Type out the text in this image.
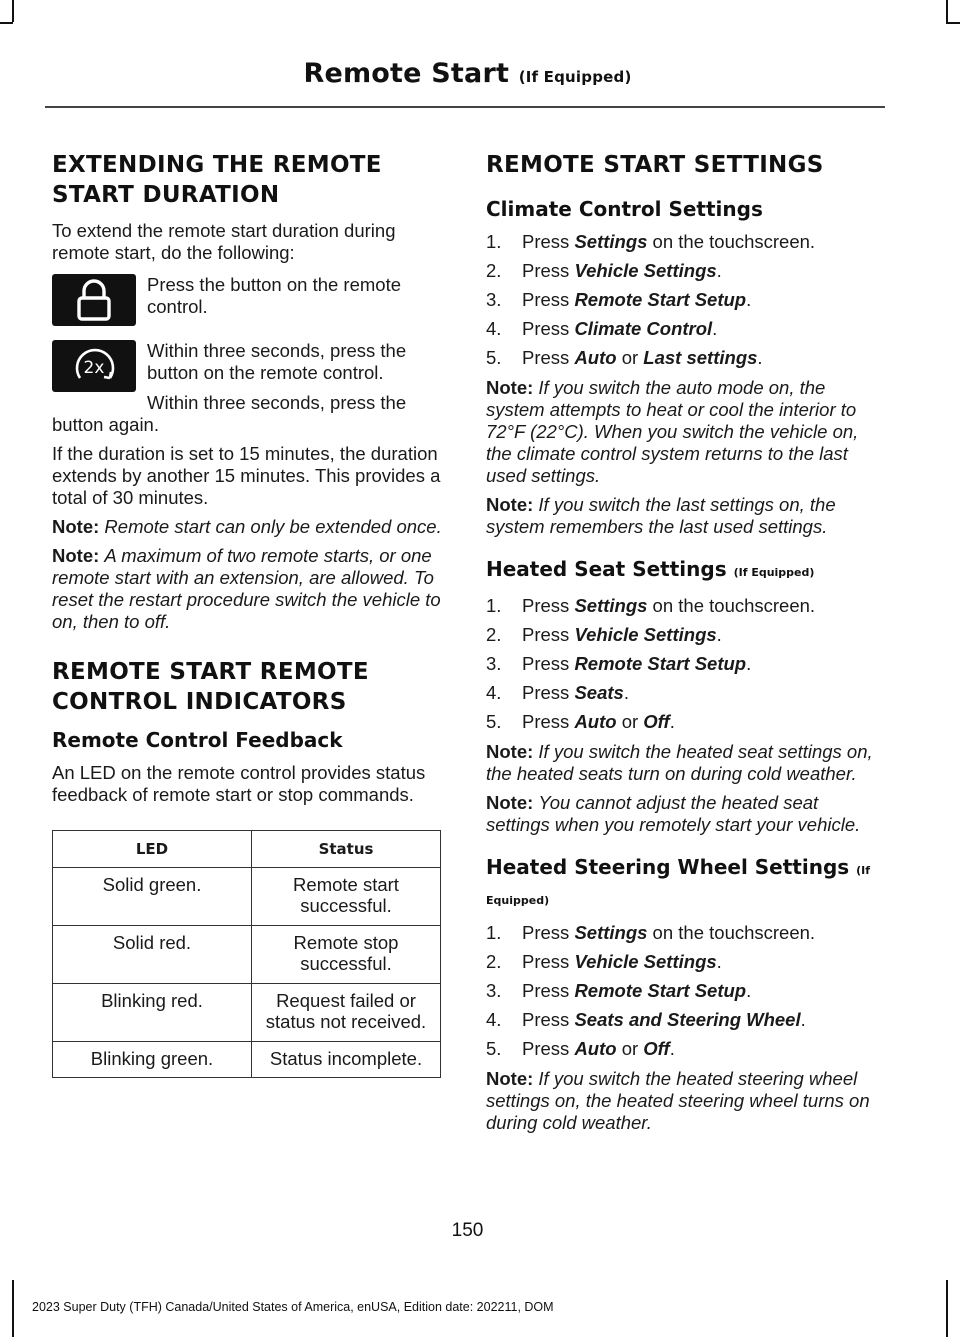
Remote Start (If Equipped)
EXTENDING THE REMOTE
START DURATION

To extend the remote start duration during remote start, do the following:

Press the button on the remote control.

2x

Within three seconds, press the button on the remote control.

Within three seconds, press the button again.

If the duration is set to 15 minutes, the duration extends by another 15 minutes. This provides a total of 30 minutes.

Note: Remote start can only be extended once.

Note: A maximum of two remote starts, or one remote start with an extension, are allowed. To reset the restart procedure switch the vehicle to on, then to off.

REMOTE START REMOTE
CONTROL INDICATORS
Remote Control Feedback

An LED on the remote control provides status feedback of remote start or stop commands.

LED	Status
Solid green.	Remote start successful.
Solid red.	Remote stop successful.
Blinking red.	Request failed or status not received.
Blinking green.	Status incomplete.
REMOTE START SETTINGS
Climate Control Settings
1.	Press Settings on the touchscreen.
2.	Press Vehicle Settings.
3.	Press Remote Start Setup.
4.	Press Climate Control.
5.	Press Auto or Last settings.

Note: If you switch the auto mode on, the system attempts to heat or cool the interior to 72°F (22°C). When you switch the vehicle on, the climate control system returns to the last used settings.

Note: If you switch the last settings on, the system remembers the last used settings.

Heated Seat Settings (If Equipped)
1.	Press Settings on the touchscreen.
2.	Press Vehicle Settings.
3.	Press Remote Start Setup.
4.	Press Seats.
5.	Press Auto or Off.

Note: If you switch the heated seat settings on, the heated seats turn on during cold weather.

Note: You cannot adjust the heated seat settings when you remotely start your vehicle.

Heated Steering Wheel Settings (If
Equipped)
1.	Press Settings on the touchscreen.
2.	Press Vehicle Settings.
3.	Press Remote Start Setup.
4.	Press Seats and Steering Wheel.
5.	Press Auto or Off.

Note: If you switch the heated steering wheel settings on, the heated steering wheel turns on during cold weather.

150
2023 Super Duty (TFH) Canada/United States of America, enUSA, Edition date: 202211, DOM
